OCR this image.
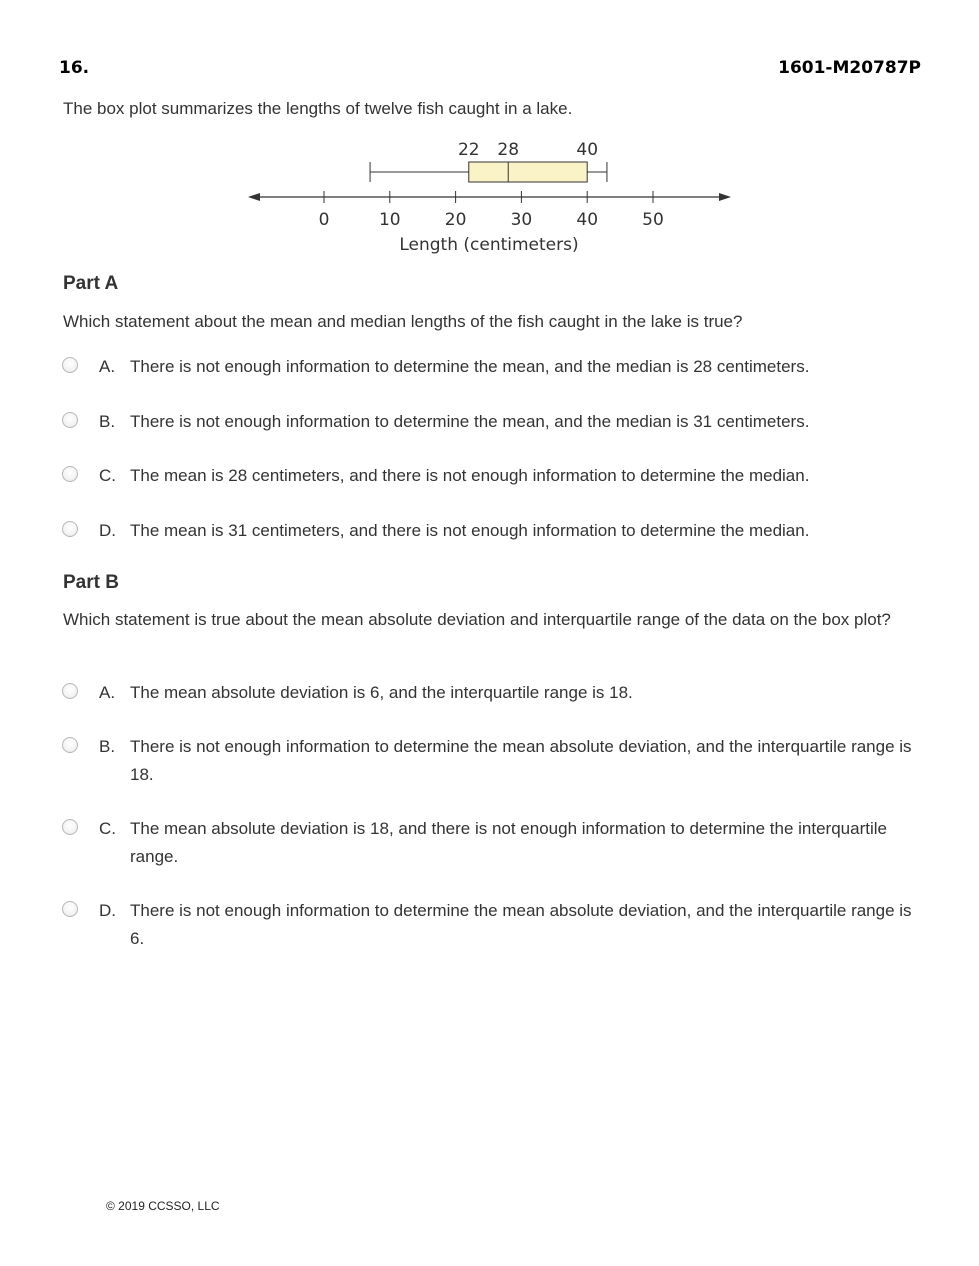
16.	1601-M20787P
The box plot summarizes the lengths of twelve fish caught in a lake.
0	10	20	30	40	50
22 28	40
Length (centimeters)
Part A
Which statement about the mean and median lengths of the fish caught in the lake is true?
A. There is not enough information to determine the mean, and the median is 28 centimeters.
B. There is not enough information to determine the mean, and the median is 31 centimeters.
C. The mean is 28 centimeters, and there is not enough information to determine the median.
D. The mean is 31 centimeters, and there is not enough information to determine the median.
Part B
Which statement is true about the mean absolute deviation and interquartile range of the data on the box plot?
A. The mean absolute deviation is 6, and the interquartile range is 18.
B. There is not enough information to determine the mean absolute deviation, and the interquartile range is 18.
C. The mean absolute deviation is 18, and there is not enough information to determine the interquartile range.
D. There is not enough information to determine the mean absolute deviation, and the interquartile range is 6.
© 2019 CCSSO, LLC
